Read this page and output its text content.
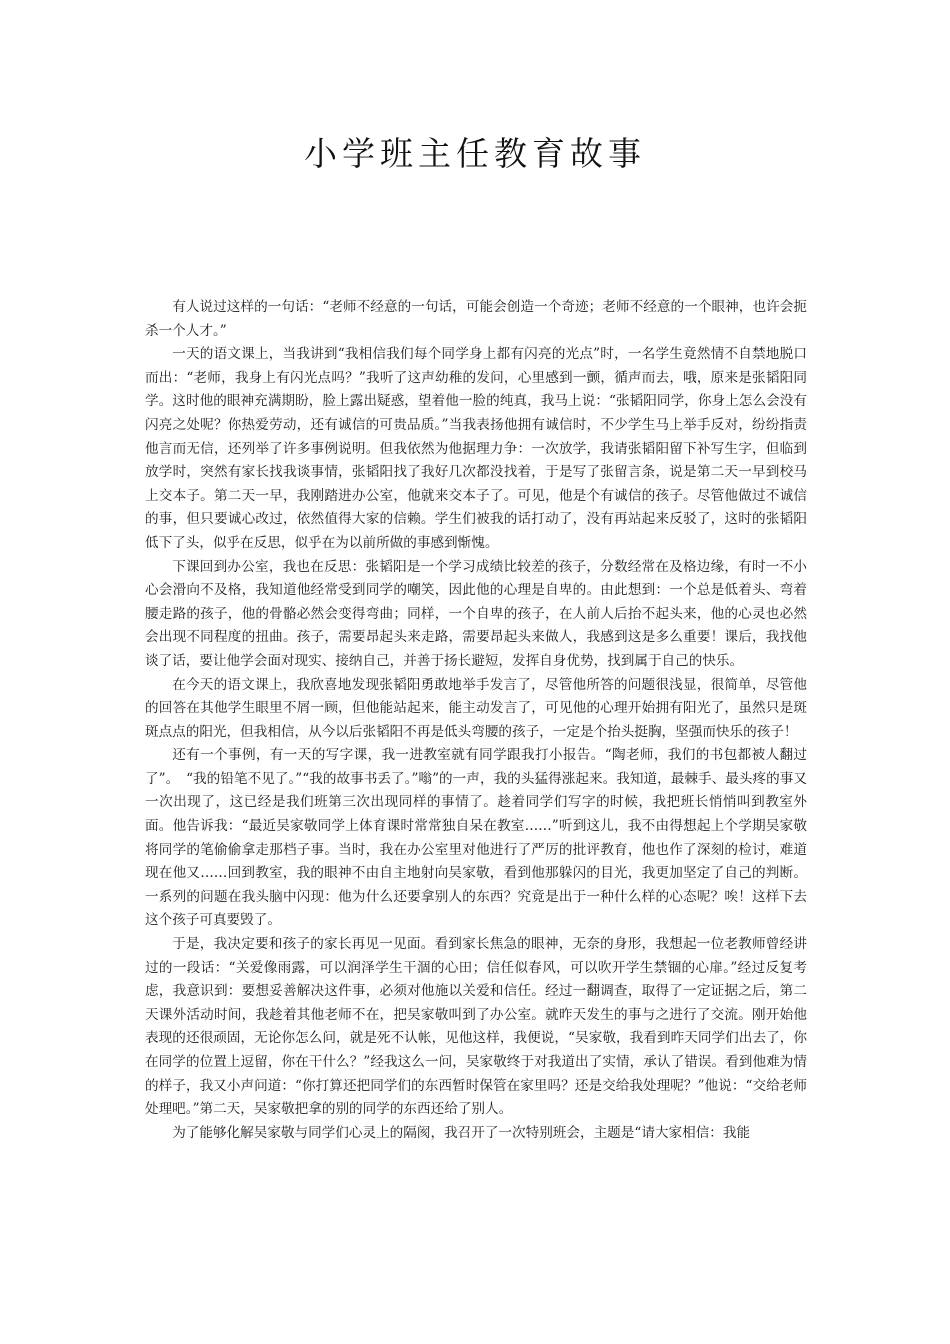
小学班主任教育故事

有人说过这样的一句话：“老师不经意的一句话，可能会创造一个奇迹；老师不经意的一个眼神，也许会扼杀一个人才。”

一天的语文课上，当我讲到“我相信我们每个同学身上都有闪亮的光点”时，一名学生竟然情不自禁地脱口而出：“老师，我身上有闪光点吗？”我听了这声幼稚的发问，心里感到一颤，循声而去，哦，原来是张韬阳同学。这时他的眼神充满期盼，脸上露出疑惑，望着他一脸的纯真，我马上说：“张韬阳同学，你身上怎么会没有闪亮之处呢？你热爱劳动，还有诚信的可贵品质。”当我表扬他拥有诚信时，不少学生马上举手反对，纷纷指责他言而无信，还列举了许多事例说明。但我依然为他据理力争：一次放学，我请张韬阳留下补写生字，但临到放学时，突然有家长找我谈事情，张韬阳找了我好几次都没找着，于是写了张留言条，说是第二天一早到校马上交本子。第二天一早，我刚踏进办公室，他就来交本子了。可见，他是个有诚信的孩子。尽管他做过不诚信的事，但只要诚心改过，依然值得大家的信赖。学生们被我的话打动了，没有再站起来反驳了，这时的张韬阳低下了头，似乎在反思，似乎在为以前所做的事感到惭愧。

下课回到办公室，我也在反思：张韬阳是一个学习成绩比较差的孩子，分数经常在及格边缘，有时一不小心会滑向不及格，我知道他经常受到同学的嘲笑，因此他的心理是自卑的。由此想到：一个总是低着头、弯着腰走路的孩子，他的骨骼必然会变得弯曲；同样，一个自卑的孩子，在人前人后抬不起头来，他的心灵也必然会出现不同程度的扭曲。孩子，需要昂起头来走路，需要昂起头来做人，我感到这是多么重要！课后，我找他谈了话，要让他学会面对现实、接纳自己，并善于扬长避短，发挥自身优势，找到属于自己的快乐。

在今天的语文课上，我欣喜地发现张韬阳勇敢地举手发言了，尽管他所答的问题很浅显，很简单，尽管他的回答在其他学生眼里不屑一顾，但他能站起来，能主动发言了，可见他的心理开始拥有阳光了，虽然只是斑斑点点的阳光，但我相信，从今以后张韬阳不再是低头弯腰的孩子，一定是个抬头挺胸，坚强而快乐的孩子！

还有一个事例，有一天的写字课，我一进教室就有同学跟我打小报告。“陶老师，我们的书包都被人翻过了”。　“我的铅笔不见了。”“我的故事书丢了。”嗡”的一声，我的头猛得涨起来。我知道，最棘手、最头疼的事又一次出现了，这已经是我们班第三次出现同样的事情了。趁着同学们写字的时候，我把班长悄悄叫到教室外面。他告诉我：“最近吴家敬同学上体育课时常常独自呆在教室……”听到这儿，我不由得想起上个学期吴家敬将同学的笔偷偷拿走那档子事。当时，我在办公室里对他进行了严厉的批评教育，他也作了深刻的检讨，难道现在他又……回到教室，我的眼神不由自主地射向吴家敬，看到他那躲闪的目光，我更加坚定了自己的判断。一系列的问题在我头脑中闪现：他为什么还要拿别人的东西？究竟是出于一种什么样的心态呢？唉！这样下去这个孩子可真要毁了。

于是，我决定要和孩子的家长再见一见面。看到家长焦急的眼神，无奈的身形，我想起一位老教师曾经讲过的一段话：“关爱像雨露，可以润泽学生干涸的心田；信任似春风，可以吹开学生禁锢的心扉。”经过反复考虑，我意识到：要想妥善解决这件事，必须对他施以关爱和信任。经过一翻调查，取得了一定证据之后，第二天课外活动时间，我趁着其他老师不在，把吴家敬叫到了办公室。就昨天发生的事与之进行了交流。刚开始他表现的还很顽固，无论你怎么问，就是死不认帐，见他这样，我便说，“吴家敬，我看到昨天同学们出去了，你在同学的位置上逗留，你在干什么？”经我这么一问，吴家敬终于对我道出了实情，承认了错误。看到他难为情的样子，我又小声问道：“你打算还把同学们的东西暂时保管在家里吗？还是交给我处理呢？”他说：“交给老师处理吧。”第二天，吴家敬把拿的别的同学的东西还给了别人。

为了能够化解吴家敬与同学们心灵上的隔阂，我召开了一次特别班会，主题是“请大家相信：我能
